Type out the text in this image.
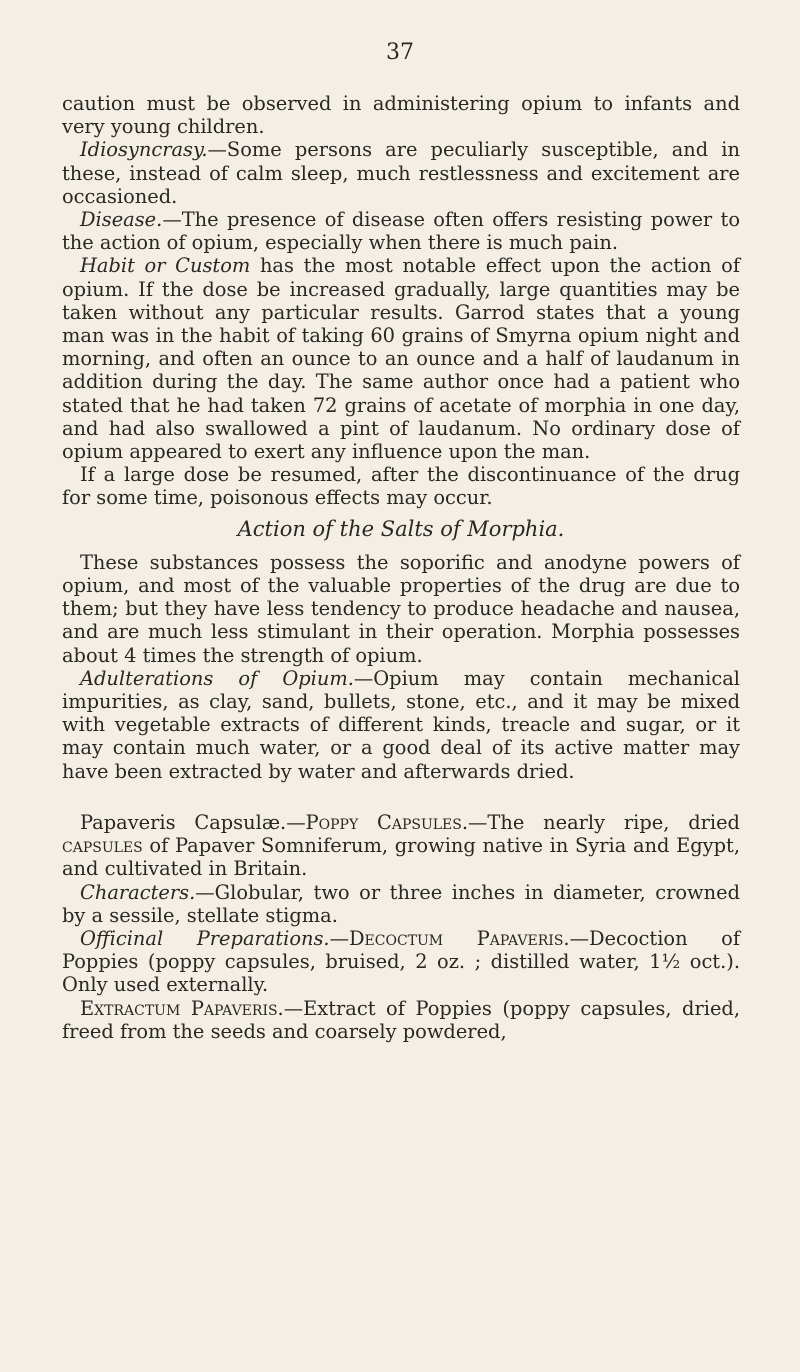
37

caution must be observed in administering opium to infants and very young children.

Idiosyncrasy.—Some persons are peculiarly susceptible, and in these, instead of calm sleep, much restlessness and excitement are occasioned.

Disease.—The presence of disease often offers resisting power to the action of opium, especially when there is much pain.

Habit or Custom has the most notable effect upon the action of opium. If the dose be increased gradually, large quantities may be taken without any particular results. Garrod states that a young man was in the habit of taking 60 grains of Smyrna opium night and morning, and often an ounce to an ounce and a half of laudanum in addition during the day. The same author once had a patient who stated that he had taken 72 grains of acetate of morphia in one day, and had also swallowed a pint of laudanum. No ordinary dose of opium appeared to exert any influence upon the man.

If a large dose be resumed, after the discontinuance of the drug for some time, poisonous effects may occur.

Action of the Salts of Morphia.

These substances possess the soporific and anodyne powers of opium, and most of the valuable properties of the drug are due to them; but they have less tendency to produce headache and nausea, and are much less stimulant in their operation. Morphia possesses about 4 times the strength of opium.

Adulterations of Opium.—Opium may contain mechanical impurities, as clay, sand, bullets, stone, etc., and it may be mixed with vegetable extracts of different kinds, treacle and sugar, or it may contain much water, or a good deal of its active matter may have been extracted by water and afterwards dried.

Papaveris Capsulæ.—Poppy Capsules.—The nearly ripe, dried capsules of Papaver Somniferum, growing native in Syria and Egypt, and cultivated in Britain.

Characters.—Globular, two or three inches in diameter, crowned by a sessile, stellate stigma.

Officinal Preparations.—Decoctum Papaveris.—Decoction of Poppies (poppy capsules, bruised, 2 oz. ; distilled water, 1½ oct.). Only used externally.

Extractum Papaveris.—Extract of Poppies (poppy capsules, dried, freed from the seeds and coarsely powdered,
